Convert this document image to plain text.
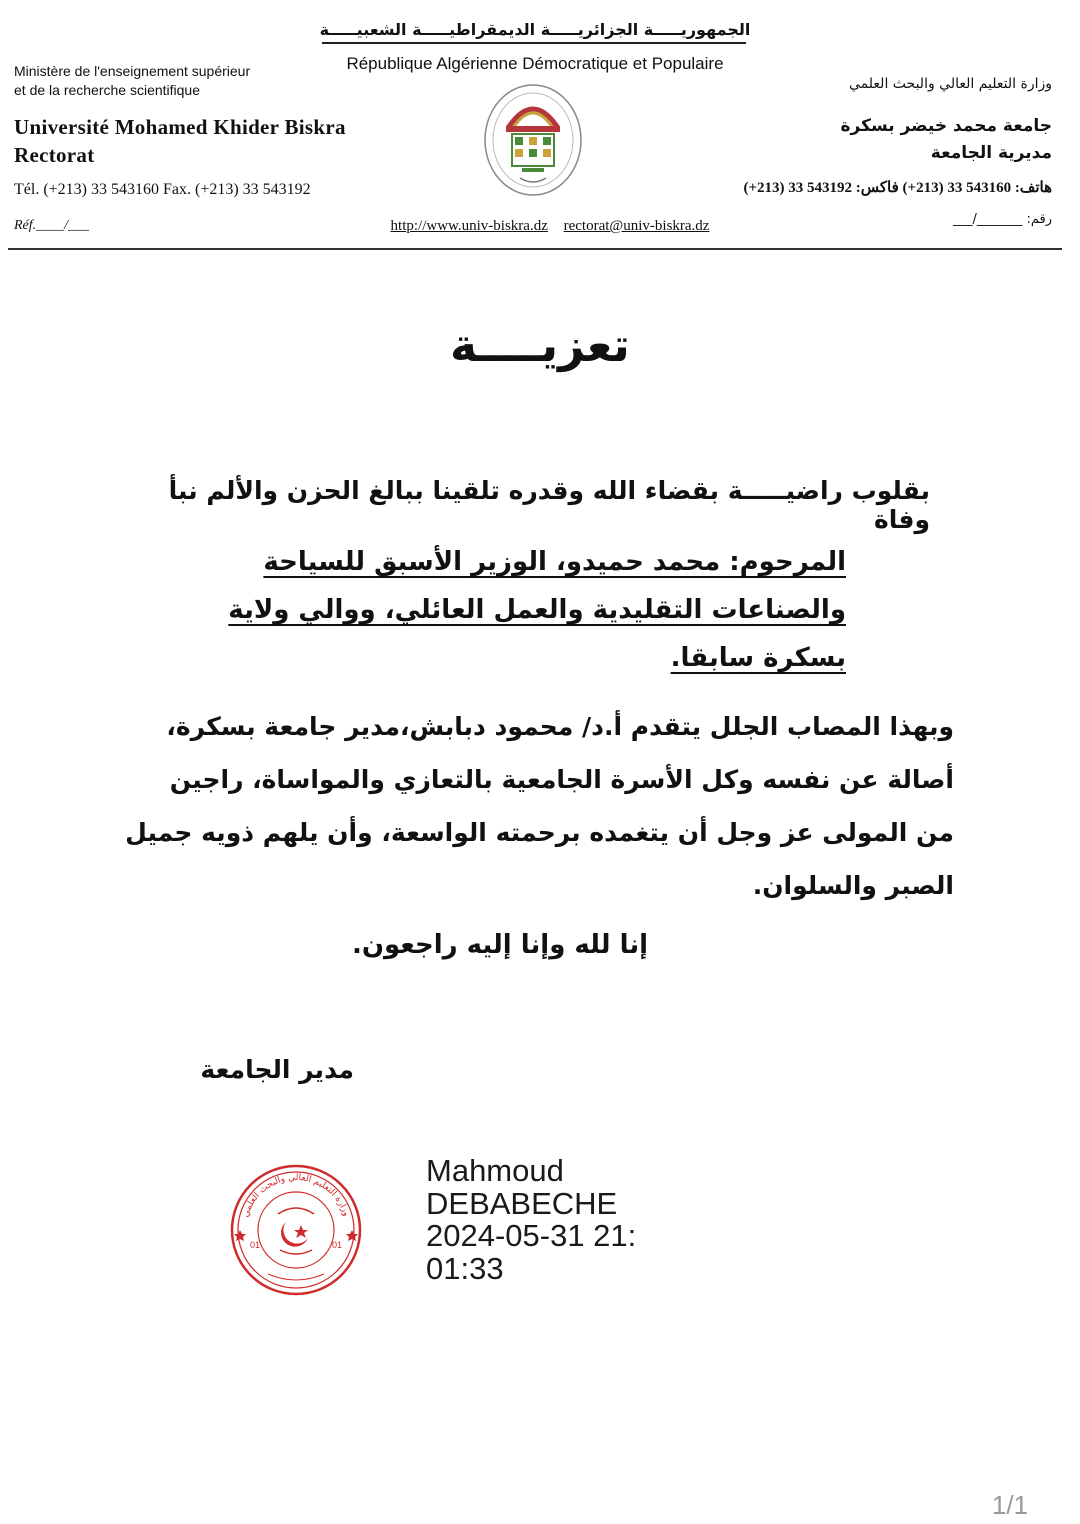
الجمهوريـــــة الجزائريـــــة الديمقراطيـــــة الشعبيـــــة
République Algérienne Démocratique et Populaire
Ministère de l'enseignement supérieur
et de la recherche scientifique	وزارة التعليم العالي والبحث العلمي
Université Mohamed Khider Biskra
Rectorat
جامعة محمد خيضر بسكرة
مديرية الجامعة
Tél. (+213) 33 543160 Fax. (+213) 33 543192	هاتف: 543160 33 (213+) فاكس: 543192 33 (213+)
Réf.____/___	رقم: _______/___
http://www.univ-biskra.dz rectorat@univ-biskra.dz
تعزيــــة
بقلوب راضيـــــة بقضاء الله وقدره تلقينا ببالغ الحزن والألم نبأ وفاة
المرحوم: محمد حميدو، الوزير الأسبق للسياحة والصناعات التقليدية والعمل العائلي، ووالي ولاية بسكرة سابقا.
وبهذا المصاب الجلل يتقدم أ.د/ محمود دبابش،مدير جامعة بسكرة، أصالة عن نفسه وكل الأسرة الجامعية بالتعازي والمواساة، راجين من المولى عز وجل أن يتغمده برحمته الواسعة، وأن يلهم ذويه جميل الصبر والسلوان.
إنا لله وإنا إليه راجعون.
مدير الجامعة
وزارة التعليم العالي والبحث العلمي
01	01
Mahmoud
DEBABECHE
2024-05-31 21:
01:33
1/1
